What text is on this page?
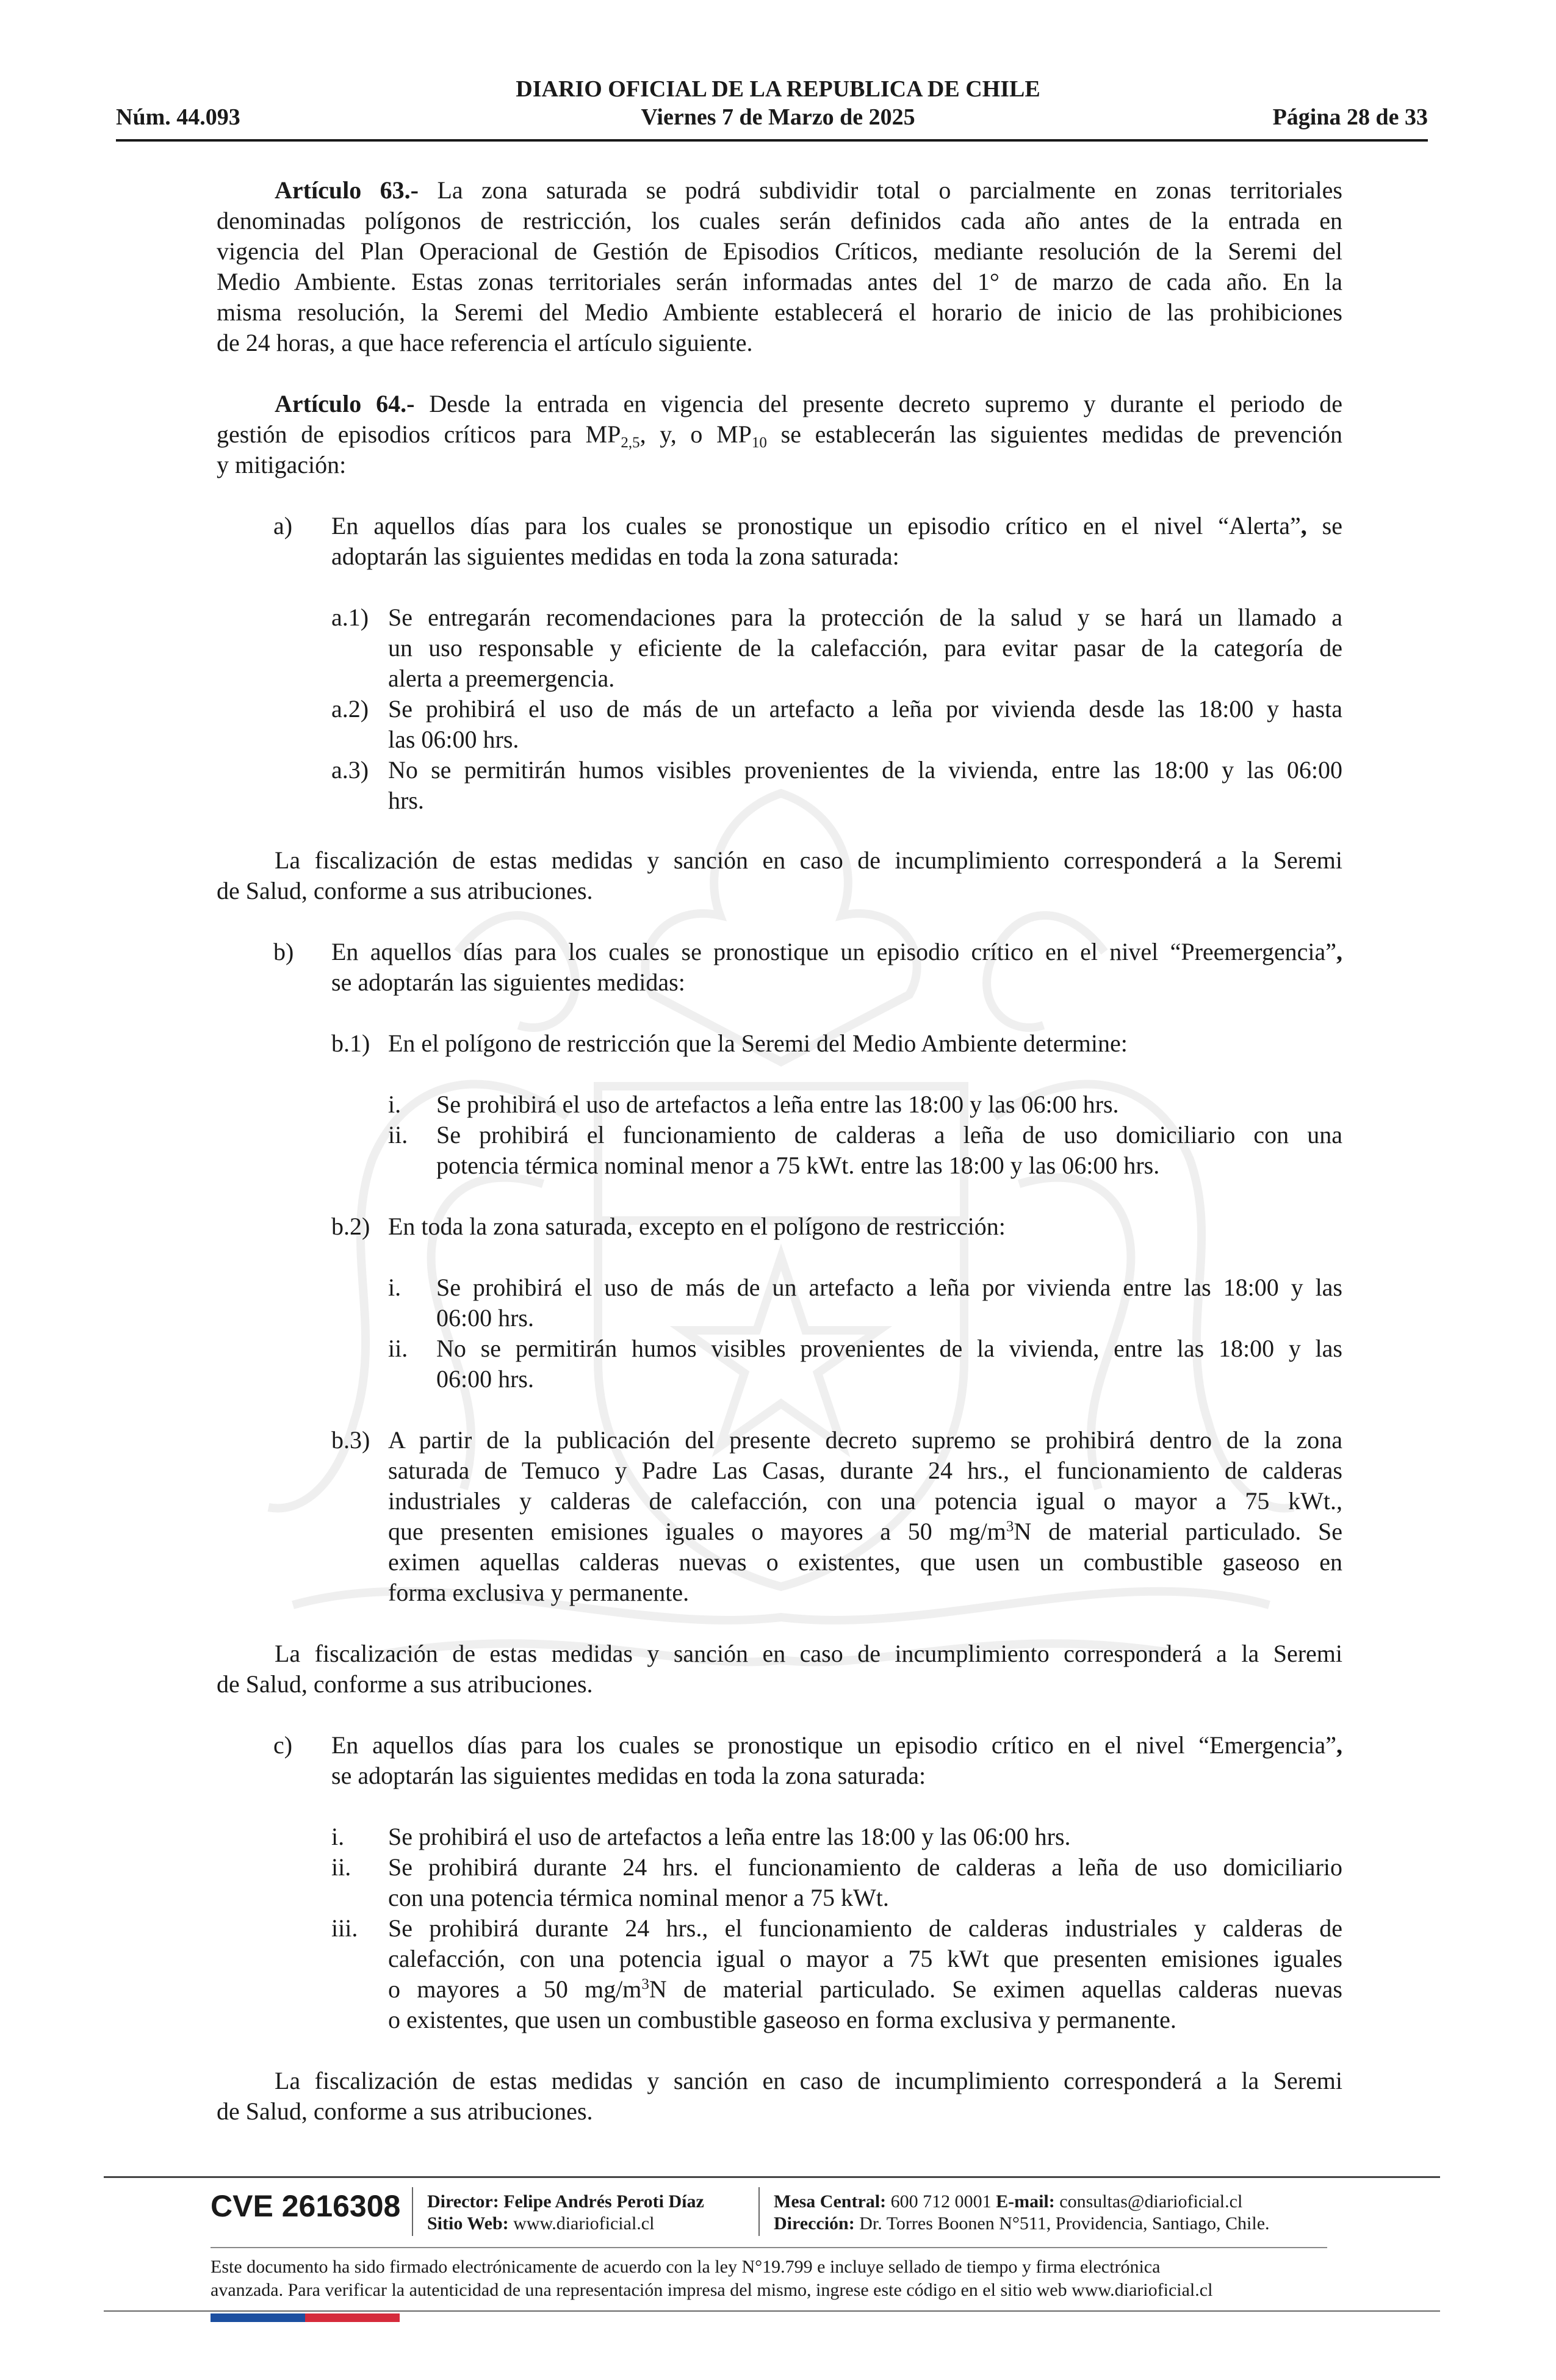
DIARIO OFICIAL DE LA REPUBLICA DE CHILE
Núm. 44.093	Viernes 7 de Marzo de 2025	Página 28 de 33
Artículo 63.- La zona saturada se podrá subdividir total o parcialmente en zonas territoriales
denominadas polígonos de restricción, los cuales serán definidos cada año antes de la entrada en
vigencia del Plan Operacional de Gestión de Episodios Críticos, mediante resolución de la Seremi del
Medio Ambiente. Estas zonas territoriales serán informadas antes del 1° de marzo de cada año. En la
misma resolución, la Seremi del Medio Ambiente establecerá el horario de inicio de las prohibiciones
de 24 horas, a que hace referencia el artículo siguiente.
Artículo 64.- Desde la entrada en vigencia del presente decreto supremo y durante el periodo de
gestión de episodios críticos para $MP_{2,5}$, y, o $MP_{10}$ se establecerán las siguientes medidas de prevención
y mitigación:
a) En aquellos días para los cuales se pronostique un episodio crítico en el nivel “Alerta”, se
adoptarán las siguientes medidas en toda la zona saturada:
a.1) Se entregarán recomendaciones para la protección de la salud y se hará un llamado a
un uso responsable y eficiente de la calefacción, para evitar pasar de la categoría de
alerta a preemergencia.
a.2) Se prohibirá el uso de más de un artefacto a leña por vivienda desde las 18:00 y hasta
las 06:00 hrs.
a.3) No se permitirán humos visibles provenientes de la vivienda, entre las 18:00 y las 06:00
hrs.
La fiscalización de estas medidas y sanción en caso de incumplimiento corresponderá a la Seremi
de Salud, conforme a sus atribuciones.
b) En aquellos días para los cuales se pronostique un episodio crítico en el nivel “Preemergencia”,
se adoptarán las siguientes medidas:
b.1) En el polígono de restricción que la Seremi del Medio Ambiente determine:
i. Se prohibirá el uso de artefactos a leña entre las 18:00 y las 06:00 hrs.
ii. Se prohibirá el funcionamiento de calderas a leña de uso domiciliario con una
potencia térmica nominal menor a 75 kWt. entre las 18:00 y las 06:00 hrs.
b.2) En toda la zona saturada, excepto en el polígono de restricción:
i. Se prohibirá el uso de más de un artefacto a leña por vivienda entre las 18:00 y las
06:00 hrs.
ii. No se permitirán humos visibles provenientes de la vivienda, entre las 18:00 y las
06:00 hrs.
b.3) A partir de la publicación del presente decreto supremo se prohibirá dentro de la zona
saturada de Temuco y Padre Las Casas, durante 24 hrs., el funcionamiento de calderas
industriales y calderas de calefacción, con una potencia igual o mayor a 75 kWt.,
que presenten emisiones iguales o mayores a 50 $mg/m^3N$ de material particulado. Se
eximen aquellas calderas nuevas o existentes, que usen un combustible gaseoso en
forma exclusiva y permanente.
La fiscalización de estas medidas y sanción en caso de incumplimiento corresponderá a la Seremi
de Salud, conforme a sus atribuciones.
c) En aquellos días para los cuales se pronostique un episodio crítico en el nivel “Emergencia”,
se adoptarán las siguientes medidas en toda la zona saturada:
i. Se prohibirá el uso de artefactos a leña entre las 18:00 y las 06:00 hrs.
ii. Se prohibirá durante 24 hrs. el funcionamiento de calderas a leña de uso domiciliario
con una potencia térmica nominal menor a 75 kWt.
iii. Se prohibirá durante 24 hrs., el funcionamiento de calderas industriales y calderas de
calefacción, con una potencia igual o mayor a 75 kWt que presenten emisiones iguales
o mayores a 50 $mg/m^3N$ de material particulado. Se eximen aquellas calderas nuevas
o existentes, que usen un combustible gaseoso en forma exclusiva y permanente.
La fiscalización de estas medidas y sanción en caso de incumplimiento corresponderá a la Seremi
de Salud, conforme a sus atribuciones.
CVE 2616308 Director: Felipe Andrés Peroti Díaz
Sitio Web: www.diarioficial.cl
Mesa Central: 600 712 0001 E-mail: consultas@diarioficial.cl
Dirección: Dr. Torres Boonen N°511, Providencia, Santiago, Chile.
Este documento ha sido firmado electrónicamente de acuerdo con la ley N°19.799 e incluye sellado de tiempo y firma electrónica
avanzada. Para verificar la autenticidad de una representación impresa del mismo, ingrese este código en el sitio web www.diarioficial.cl
